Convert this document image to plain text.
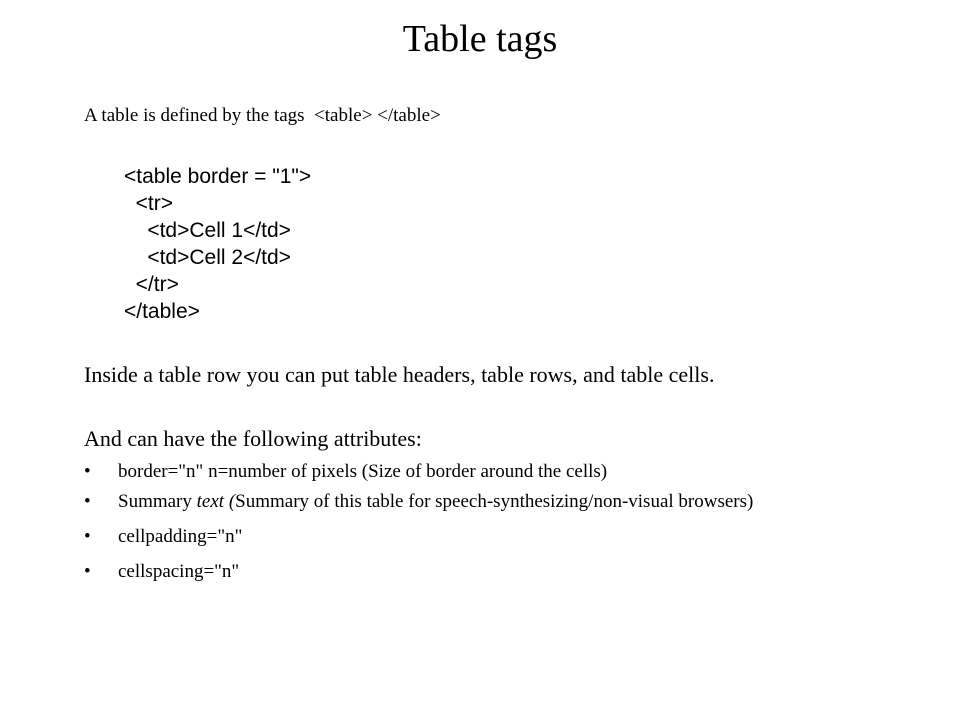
Table tags
A table is defined by the tags  <table> </table>
<table border = "1">
<tr>
<td>Cell 1</td>
<td>Cell 2</td>
</tr>
</table>
Inside a table row you can put table headers, table rows, and table cells.
And can have the following attributes:
• border="n" n=number of pixels (Size of border around the cells)
• Summary text (Summary of this table for speech-synthesizing/non-visual browsers)
• cellpadding="n"
• cellspacing="n"
